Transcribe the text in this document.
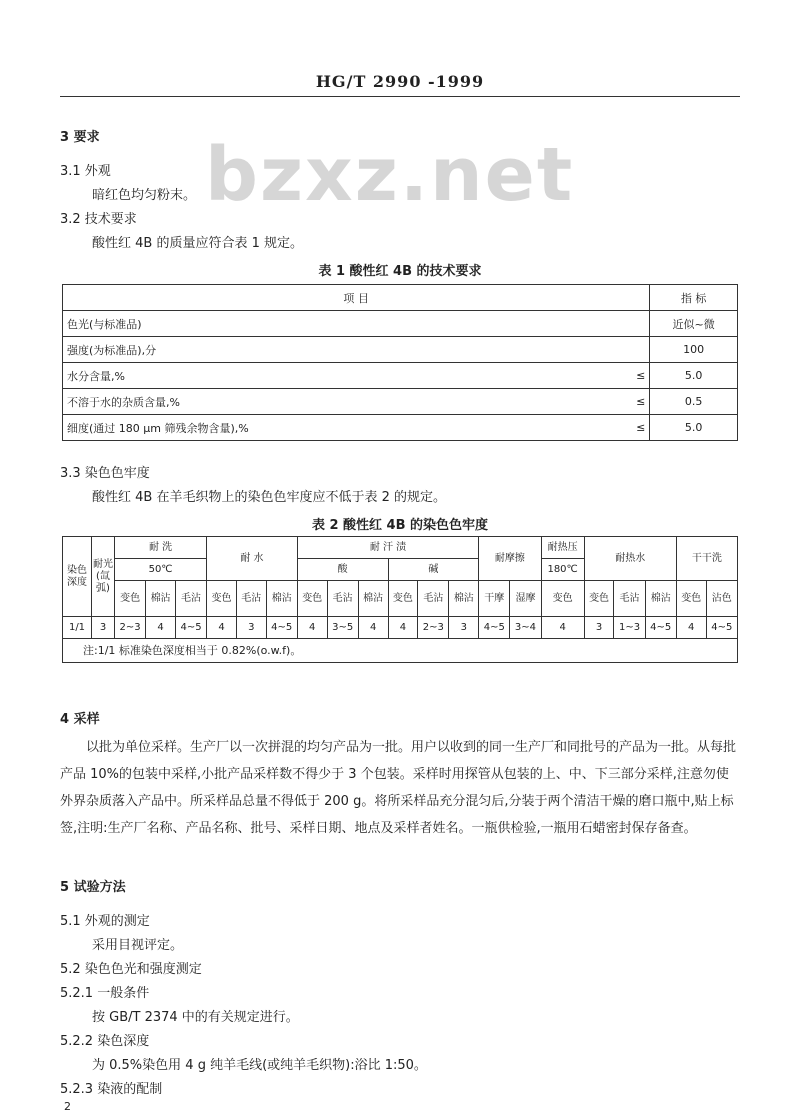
HG/T 2990 -1999
bzxz.net
3 要求
3.1 外观
暗红色均匀粉末。
3.2 技术要求
酸性红 4B 的质量应符合表 1 规定。
表 1 酸性红 4B 的技术要求
项 目		指 标
色光(与标准品)		近似~微
强度(为标准品),分		100
水分含量,%	≤	5.0
不溶于水的杂质含量,%	≤	0.5
细度(通过 180 μm 筛残余物含量),%	≤	5.0
3.3 染色色牢度
酸性红 4B 在羊毛织物上的染色色牢度应不低于表 2 的规定。
表 2 酸性红 4B 的染色色牢度
染色深度	耐光(氙弧)	耐 洗			耐 水			耐 汗 渍						耐摩擦		耐热压	耐热水			干干洗	
		50℃						酸			碱					180℃					
		变色	棉沾	毛沾	变色	毛沾	棉沾	变色	毛沾	棉沾	变色	毛沾	棉沾	干摩	湿摩	变色	变色	毛沾	棉沾	变色	沾色
1/1	3	2~3	4	4~5	4	3	4~5	4	3~5	4	4	2~3	3	4~5	3~4	4	3	1~3	4~5	4	4~5
注:1/1 标准染色深度相当于 0.82%(o.w.f)。																					
4 采样
以批为单位采样。生产厂以一次拼混的均匀产品为一批。用户以收到的同一生产厂和同批号的产品为一批。从每批产品 10%的包装中采样,小批产品采样数不得少于 3 个包装。采样时用探管从包装的上、中、下三部分采样,注意勿使外界杂质落入产品中。所采样品总量不得低于 200 g。将所采样品充分混匀后,分装于两个清洁干燥的磨口瓶中,贴上标签,注明:生产厂名称、产品名称、批号、采样日期、地点及采样者姓名。一瓶供检验,一瓶用石蜡密封保存备查。
5 试验方法
5.1 外观的测定
采用目视评定。
5.2 染色色光和强度测定
5.2.1 一般条件
按 GB/T 2374 中的有关规定进行。
5.2.2 染色深度
为 0.5%染色用 4 g 纯羊毛线(或纯羊毛织物):浴比 1:50。
5.2.3 染液的配制
2
